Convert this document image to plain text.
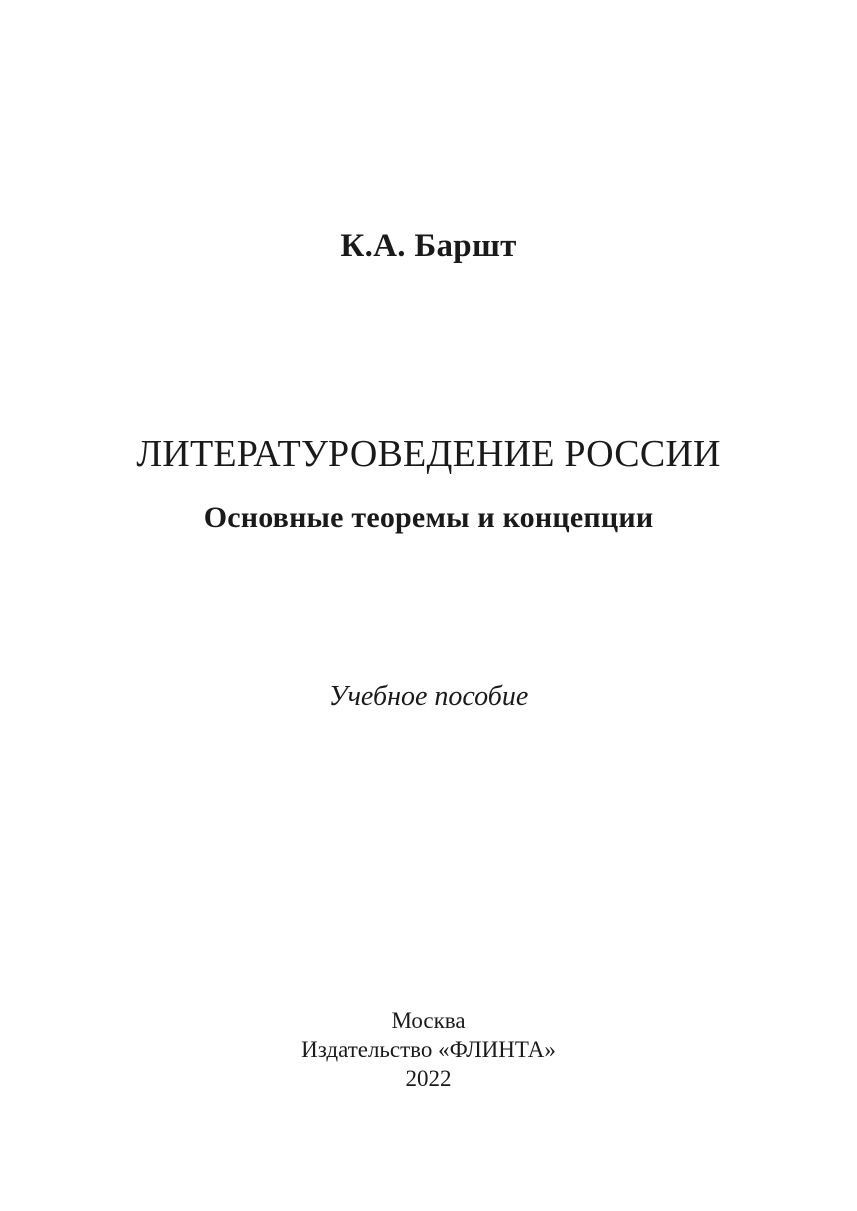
К.А. Баршт
ЛИТЕРАТУРОВЕДЕНИЕ РОССИИ
Основные теоремы и концепции
Учебное пособие
Москва
Издательство «ФЛИНТА»
2022
